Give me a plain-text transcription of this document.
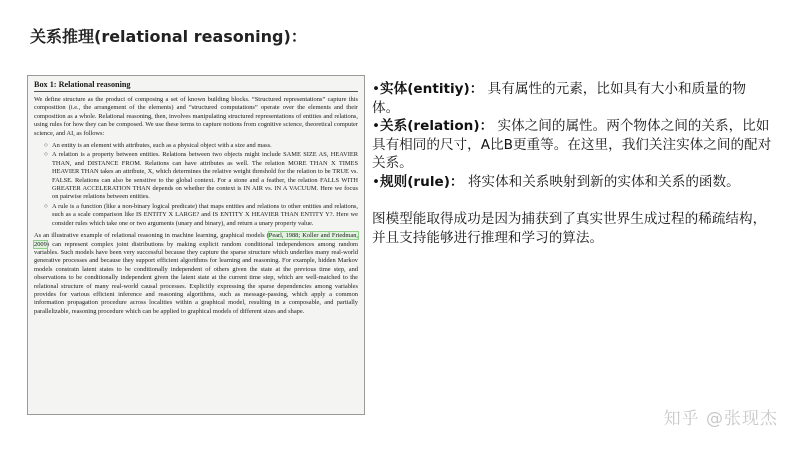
关系推理(relational reasoning)：
Box 1: Relational reasoning

We define structure as the product of composing a set of known building blocks. “Structured representations” capture this composition (i.e., the arrangement of the elements) and “structured computations” operate over the elements and their composition as a whole. Relational reasoning, then, involves manipulating structured representations of entities and relations, using rules for how they can be composed. We use these terms to capture notions from cognitive science, theoretical computer science, and AI, as follows:

○ An entity is an element with attributes, such as a physical object with a size and mass.
○ A relation is a property between entities. Relations between two objects might include SAME SIZE AS, HEAVIER THAN, and DISTANCE FROM. Relations can have attributes as well. The relation MORE THAN X TIMES HEAVIER THAN takes an attribute, X, which determines the relative weight threshold for the relation to be TRUE vs. FALSE. Relations can also be sensitive to the global context. For a stone and a feather, the relation FALLS WITH GREATER ACCELERATION THAN depends on whether the context is IN AIR vs. IN A VACUUM. Here we focus on pairwise relations between entities.
○ A rule is a function (like a non-binary logical predicate) that maps entities and relations to other entities and relations, such as a scale comparison like IS ENTITY X LARGE? and IS ENTITY X HEAVIER THAN ENTITY Y?. Here we consider rules which take one or two arguments (unary and binary), and return a unary property value.

As an illustrative example of relational reasoning in machine learning, graphical models (Pearl, 1988; Koller and Friedman, 2009) can represent complex joint distributions by making explicit random conditional independences among random variables. Such models have been very successful because they capture the sparse structure which underlies many real-world generative processes and because they support efficient algorithms for learning and reasoning. For example, hidden Markov models constrain latent states to be conditionally independent of others given the state at the previous time step, and observations to be conditionally independent given the latent state at the current time step, which are well-matched to the relational structure of many real-world causal processes. Explicitly expressing the sparse dependencies among variables provides for various efficient inference and reasoning algorithms, such as message-passing, which apply a common information propagation procedure across localities within a graphical model, resulting in a composable, and partially parallelizable, reasoning procedure which can be applied to graphical models of different sizes and shape.

•实体(entitiy)： 具有属性的元素，比如具有大小和质量的物体。
•关系(relation)： 实体之间的属性。两个物体之间的关系，比如具有相同的尺寸，A比B更重等。在这里，我们关注实体之间的配对关系。
•规则(rule)： 将实体和关系映射到新的实体和关系的函数。
图模型能取得成功是因为捕获到了真实世界生成过程的稀疏结构，并且支持能够进行推理和学习的算法。
知乎 @张现杰
